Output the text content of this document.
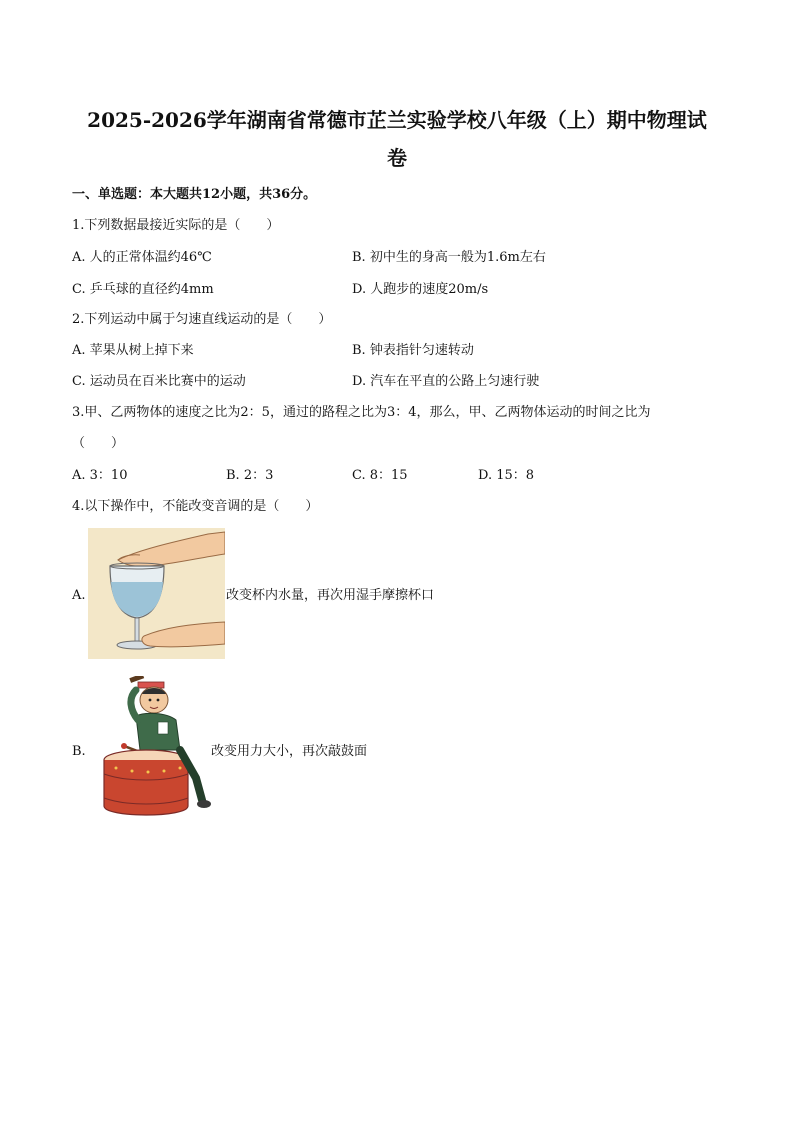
2025-2026学年湖南省常德市芷兰实验学校八年级（上）期中物理试
卷
一、单选题：本大题共12小题，共36分。
1.下列数据最接近实际的是（　　）
A. 人的正常体温约46℃	B. 初中生的身高一般为1.6m左右
C. 乒乓球的直径约4mm	D. 人跑步的速度20m/s
2.下列运动中属于匀速直线运动的是（　　）
A. 苹果从树上掉下来	B. 钟表指针匀速转动
C. 运动员在百米比赛中的运动	D. 汽车在平直的公路上匀速行驶
3.甲、乙两物体的速度之比为2：5，通过的路程之比为3：4，那么，甲、乙两物体运动的时间之比为
（　　）
A. 3：10	B. 2：3	C. 8：15	D. 15：8
4.以下操作中，不能改变音调的是（　　）
A.	改变杯内水量，再次用湿手摩擦杯口
B.	改变用力大小，再次敲鼓面
